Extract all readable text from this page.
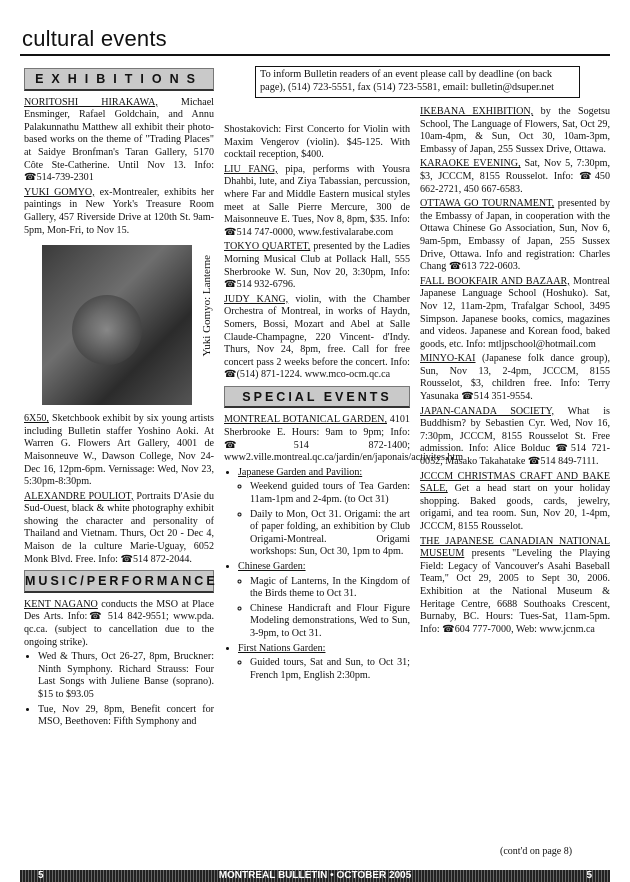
cultural events
To inform Bulletin readers of an event please call by deadline (on back page), (514) 723-5551, fax (514) 723-5581, email: bulletin@dsuper.net
EXHIBITIONS

NORITOSHI HIRAKAWA, Michael Ensminger, Rafael Goldchain, and Annu Palakunnathu Matthew all exhibit their photo-based works on the theme of "Trading Places" at Saidye Bronfman's Taran Gallery, 5170 Côte Ste-Catherine. Until Nov 13. Info: ☎514-739-2301

YUKI GOMYO, ex-Montrealer, exhibits her paintings in New York's Treasure Room Gallery, 457 Riverside Drive at 120th St. 9am-5pm, Mon-Fri, to Nov 15.

Yuki Gomyo: Lanterne

6X50, Sketchbook exhibit by six young artists including Bulletin staffer Yoshino Aoki. At Warren G. Flowers Art Gallery, 4001 de Maisonneuve W., Dawson College, Nov 24-Dec 16, 12pm-6pm. Vernissage: Wed, Nov 23, 5:30pm-8:30pm.

ALEXANDRE POULIOT, Portraits D'Asie du Sud-Ouest, black & white photography exhibit showing the character and personality of Thailand and Vietnam. Thurs, Oct 20 - Dec 4, Maison de la culture Marie-Uguay, 6052 Monk Blvd. Free. Info: ☎514 872-2044.

MUSIC/PERFORMANCE

KENT NAGANO conducts the MSO at Place Des Arts. Info:☎ 514 842-9551; www.pda. qc.ca. (subject to cancellation due to the ongoing strike).

• Wed & Thurs, Oct 26-27, 8pm, Bruckner: Ninth Symphony. Richard Strauss: Four Last Songs with Juliene Banse (soprano). $15 to $93.05
• Tue, Nov 29, 8pm, Benefit concert for MSO, Beethoven: Fifth Symphony and

Shostakovich: First Concerto for Violin with Maxim Vengerov (violin). $45-125. With cocktail reception, $400.

LIU FANG, pipa, performs with Yousra Dhahbi, lute, and Ziya Tabassian, percussion, where Far and Middle Eastern musical styles meet at Salle Pierre Mercure, 300 de Maisonneuve E. Tues, Nov 8, 8pm, $35. Info: ☎514 747-0000, www.festivalarabe.com

TOKYO QUARTET, presented by the Ladies Morning Musical Club at Pollack Hall, 555 Sherbrooke W. Sun, Nov 20, 3:30pm, Info: ☎514 932-6796.

JUDY KANG, violin, with the Chamber Orchestra of Montreal, in works of Haydn, Somers, Bossi, Mozart and Abel at Salle Claude-Champagne, 220 Vincent- d'Indy. Thurs, Nov 24, 8pm, free. Call for free concert pass 2 weeks before the concert. Info: ☎(514) 871-1224. www.mco-ocm.qc.ca

SPECIAL EVENTS

MONTREAL BOTANICAL GARDEN, 4101 Sherbrooke E. Hours: 9am to 9pm; Info: ☎514 872-1400; www2.ville.montreal.qc.ca/jardin/en/japonais/activites.htm

• Japanese Garden and Pavilion:
◦ Weekend guided tours of Tea Garden: 11am-1pm and 2-4pm. (to Oct 31)
◦ Daily to Mon, Oct 31. Origami: the art of paper folding, an exhibition by Club Origami-Montreal. Origami workshops: Sun, Oct 30, 1pm to 4pm.
• Chinese Garden:
◦ Magic of Lanterns, In the Kingdom of the Birds theme to Oct 31.
◦ Chinese Handicraft and Flour Figure Modeling demonstrations, Wed to Sun, 3-9pm, to Oct 31.
• First Nations Garden:
◦ Guided tours, Sat and Sun, to Oct 31; French 1pm, English 2:30pm.

IKEBANA EXHIBITION, by the Sogetsu School, The Language of Flowers, Sat, Oct 29, 10am-4pm, & Sun, Oct 30, 10am-3pm, Embassy of Japan, 255 Sussex Drive, Ottawa.

KARAOKE EVENING, Sat, Nov 5, 7:30pm, $3, JCCCM, 8155 Rousselot. Info: ☎450 662-2721, 450 667-6583.

OTTAWA GO TOURNAMENT, presented by the Embassy of Japan, in cooperation with the Ottawa Chinese Go Association, Sun, Nov 6, 9am-5pm, Embassy of Japan, 255 Sussex Drive, Ottawa. Info and registration: Charles Chang ☎613 722-0603.

FALL BOOKFAIR AND BAZAAR, Montreal Japanese Language School (Hoshuko). Sat, Nov 12, 11am-2pm, Trafalgar School, 3495 Simpson. Japanese books, comics, magazines and videos. Japanese and Korean food, baked goods, etc. Info: mtljpschool@hotmail.com

MINYO-KAI (Japanese folk dance group), Sun, Nov 13, 2-4pm, JCCCM, 8155 Rousselot, $3, children free. Info: Terry Yasunaka ☎514 351-9554.

JAPAN-CANADA SOCIETY, What is Buddhism? by Sebastien Cyr. Wed, Nov 16, 7:30pm, JCCCM, 8155 Rousselot St. Free admission. Info: Alice Bolduc ☎514 721-0052, Masako Takahatake ☎514 849-7111.

JCCCM CHRISTMAS CRAFT AND BAKE SALE, Get a head start on your holiday shopping. Baked goods, cards, jewelry, origami, and tea room. Sun, Nov 20, 1-4pm, JCCCM, 8155 Rousselot.

THE JAPANESE CANADIAN NATIONAL MUSEUM presents "Leveling the Playing Field: Legacy of Vancouver's Asahi Baseball Team," Oct 29, 2005 to Sept 30, 2006. Exhibition at the National Museum & Heritage Centre, 6688 Southoaks Crescent, Burnaby, BC. Hours: Tues-Sat, 11am-5pm. Info: ☎604 777-7000, Web: www.jcnm.ca

(cont'd on page 8)
5	MONTREAL BULLETIN • OCTOBER 2005	5
